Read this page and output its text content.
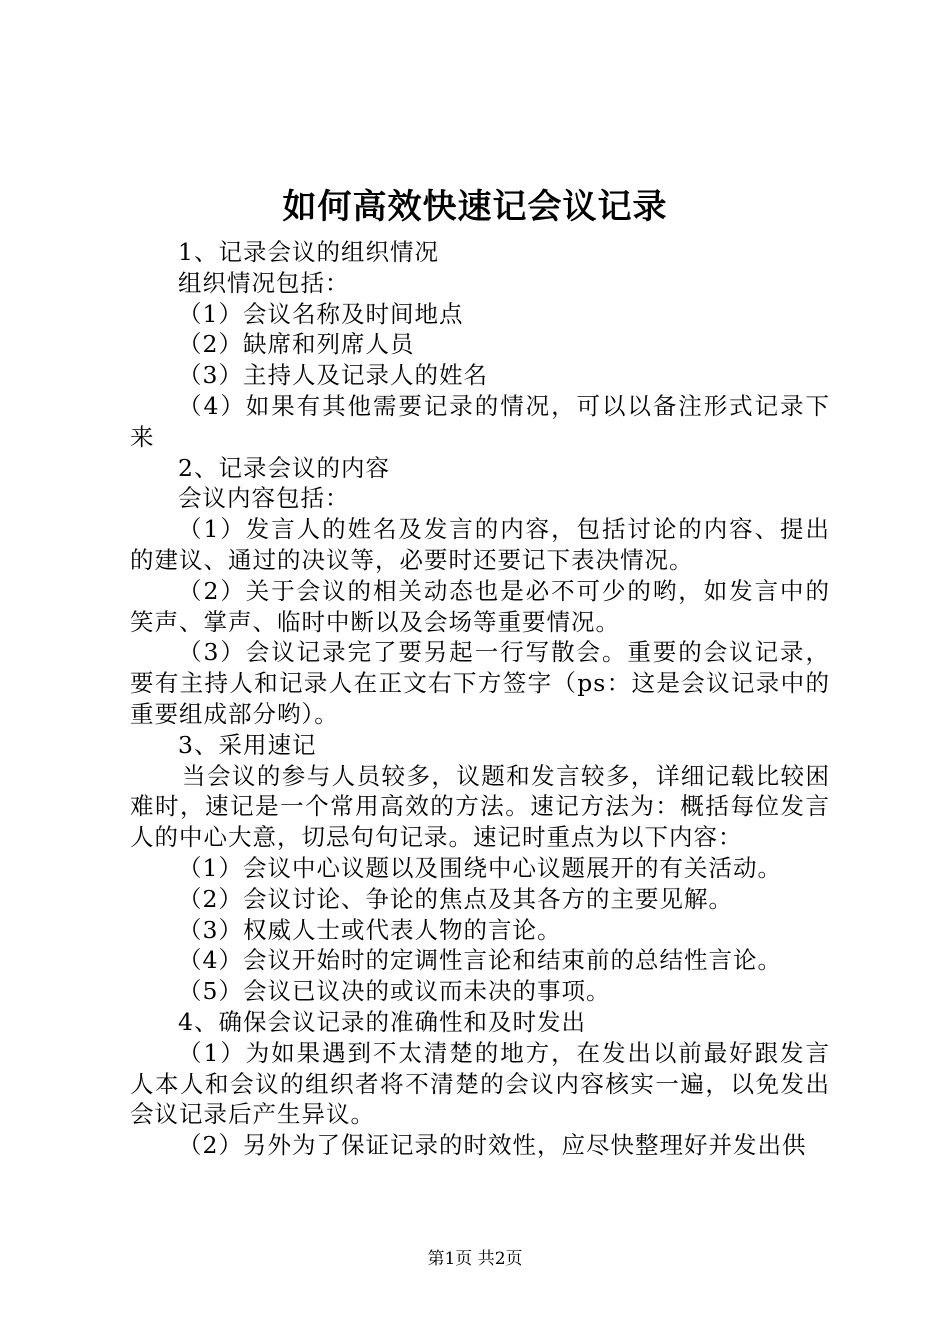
如何高效快速记会议记录

1、记录会议的组织情况

组织情况包括：

（1）会议名称及时间地点

（2）缺席和列席人员

（3）主持人及记录人的姓名

（4）如果有其他需要记录的情况，可以以备注形式记录下来

2、记录会议的内容

会议内容包括：

（1）发言人的姓名及发言的内容，包括讨论的内容、提出的建议、通过的决议等，必要时还要记下表决情况。

（2）关于会议的相关动态也是必不可少的哟，如发言中的笑声、掌声、临时中断以及会场等重要情况。

（3）会议记录完了要另起一行写散会。重要的会议记录，要有主持人和记录人在正文右下方签字（ps：这是会议记录中的重要组成部分哟）。

3、采用速记

当会议的参与人员较多，议题和发言较多，详细记载比较困难时，速记是一个常用高效的方法。速记方法为：概括每位发言人的中心大意，切忌句句记录。速记时重点为以下内容：

（1）会议中心议题以及围绕中心议题展开的有关活动。

（2）会议讨论、争论的焦点及其各方的主要见解。

（3）权威人士或代表人物的言论。

（4）会议开始时的定调性言论和结束前的总结性言论。

（5）会议已议决的或议而未决的事项。

4、确保会议记录的准确性和及时发出

（1）为如果遇到不太清楚的地方，在发出以前最好跟发言人本人和会议的组织者将不清楚的会议内容核实一遍，以免发出会议记录后产生异议。

（2）另外为了保证记录的时效性，应尽快整理好并发出供

第1页 共2页
